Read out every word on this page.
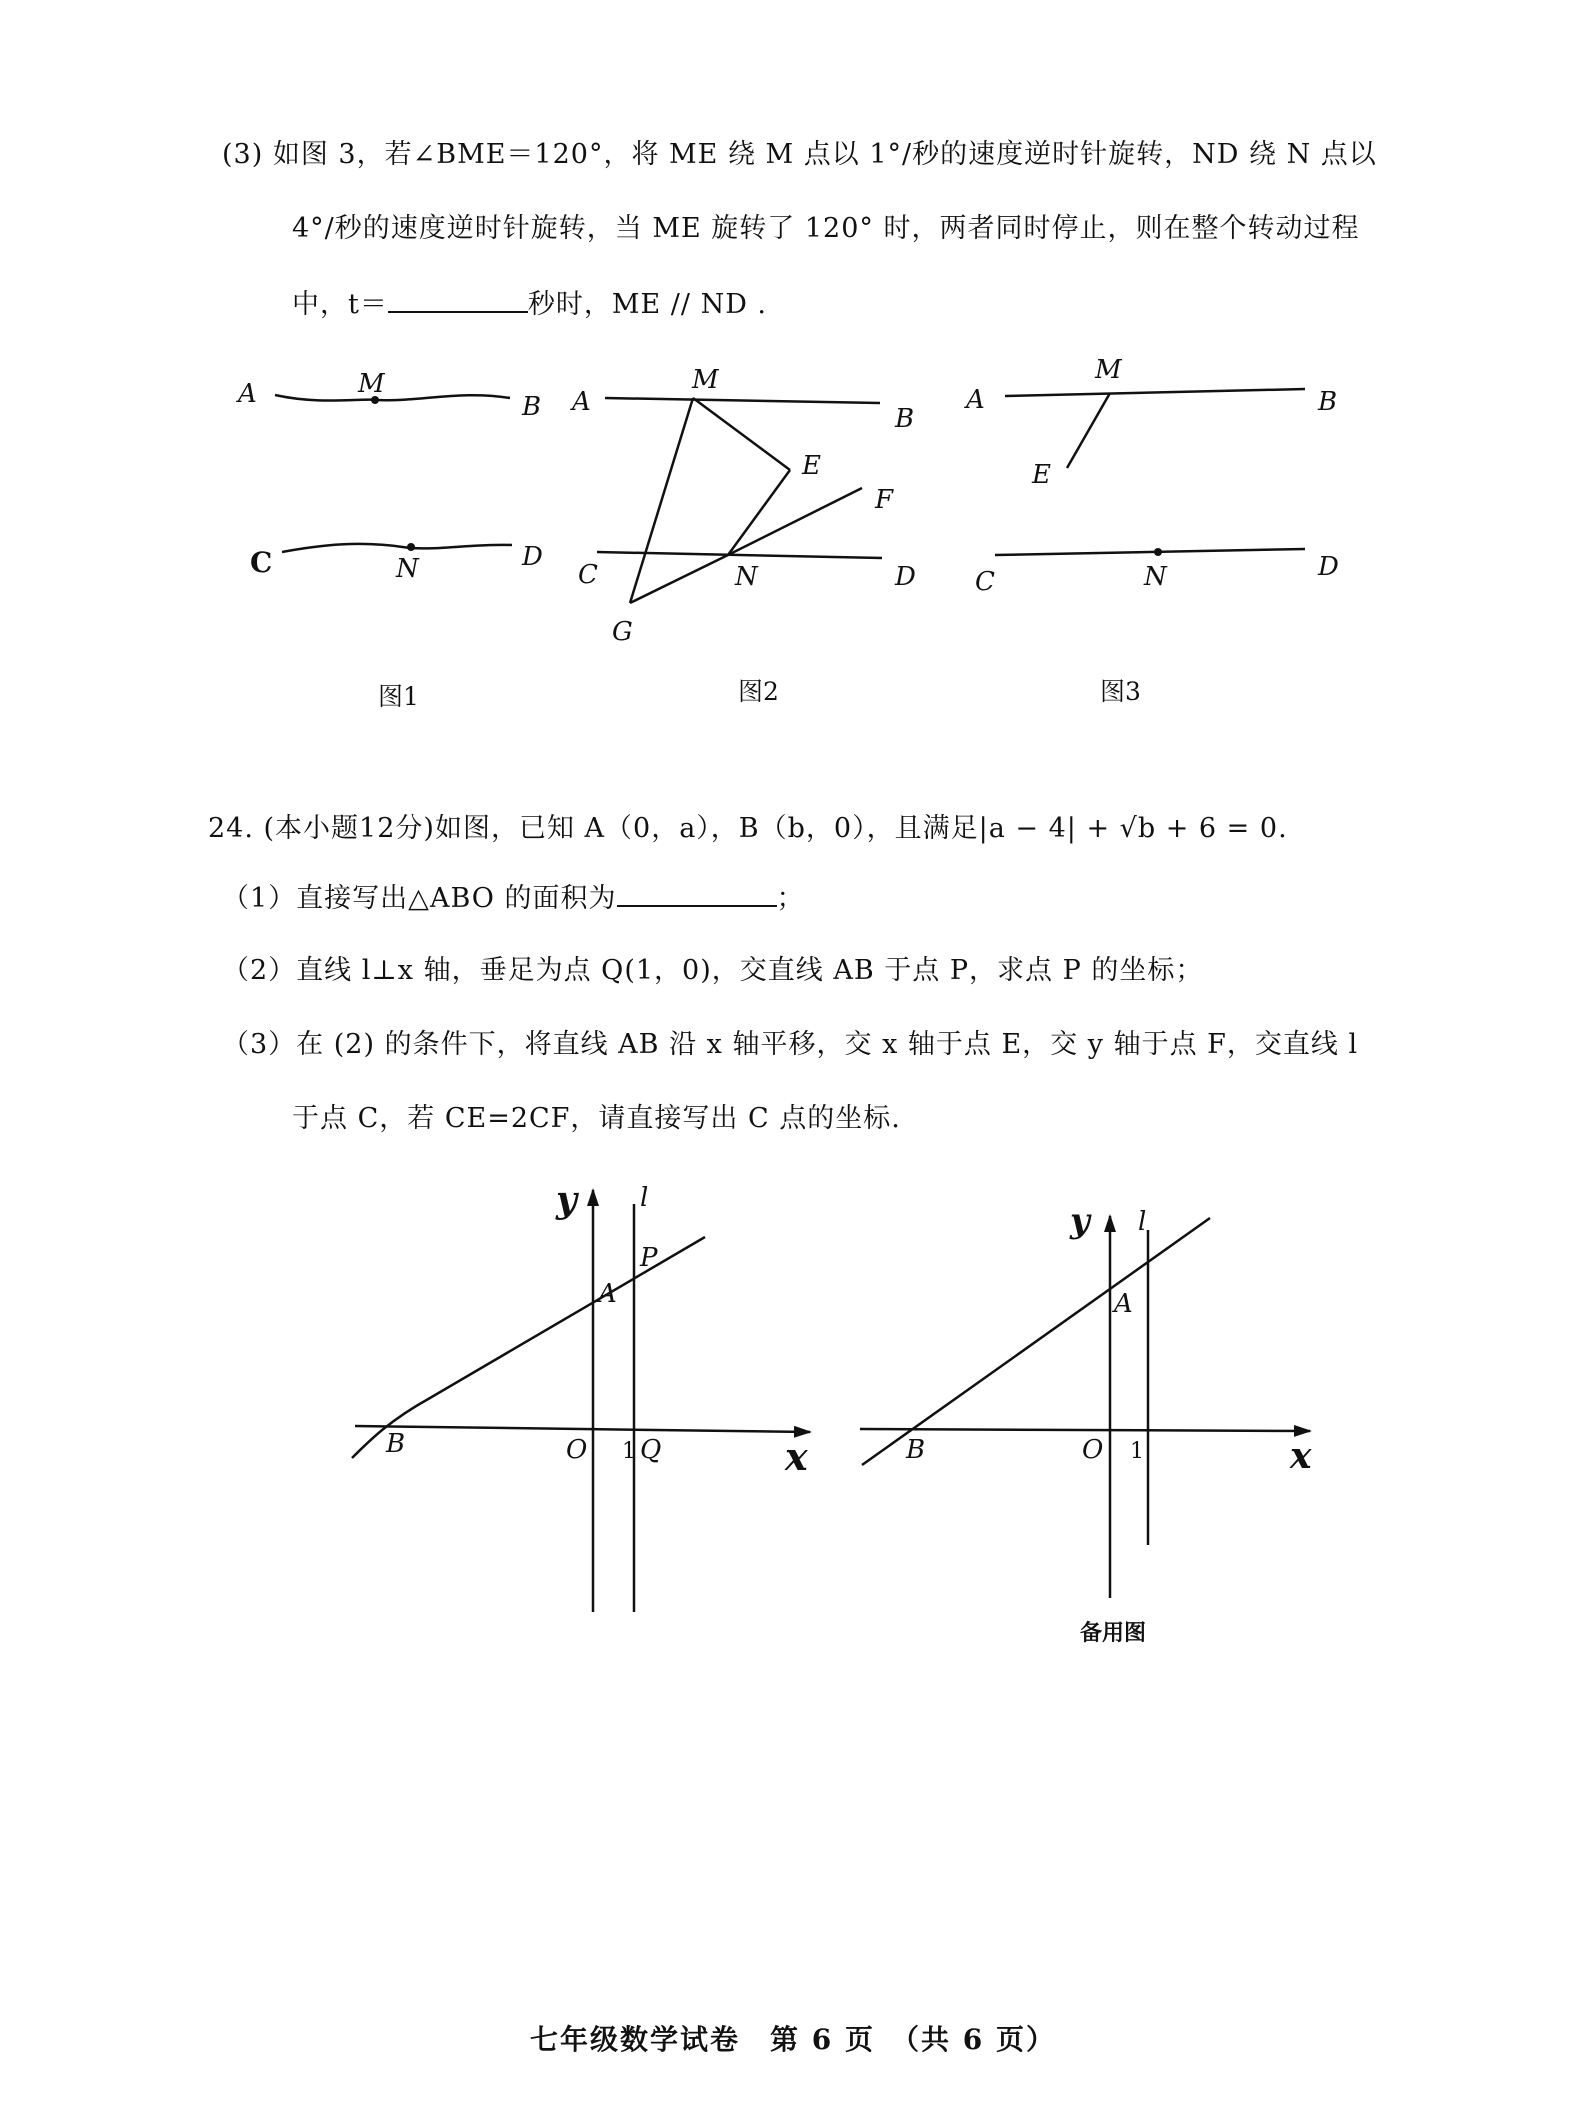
(3) 如图 3，若∠BME＝120°，将 ME 绕 M 点以 1°/秒的速度逆时针旋转，ND 绕 N 点以
4°/秒的速度逆时针旋转，当 ME 旋转了 120° 时，两者同时停止，则在整个转动过程
中，t＝	秒时，ME // ND .
A	M
B
C	N	D
图1
A
M
B
E
F
C	N	D
G
图2
A
M
B
E
C	N	D
图3
24. (本小题12分)如图，已知 A（0，a），B（b，0），且满足|a − 4| + √b + 6 = 0.
（1）直接写出△ABO 的面积为	；
（2）直线 l⊥x 轴，垂足为点 Q(1，0)，交直线 AB 于点 P，求点 P 的坐标；
（3）在 (2) 的条件下，将直线 AB 沿 x 轴平移，交 x 轴于点 E，交 y 轴于点 F，交直线 l
于点 C，若 CE=2CF，请直接写出 C 点的坐标.
y l
P
A
B	O 1 Q	x
y l
A
B	O 1	x
备用图
七年级数学试卷　第 6 页　（共 6 页）
